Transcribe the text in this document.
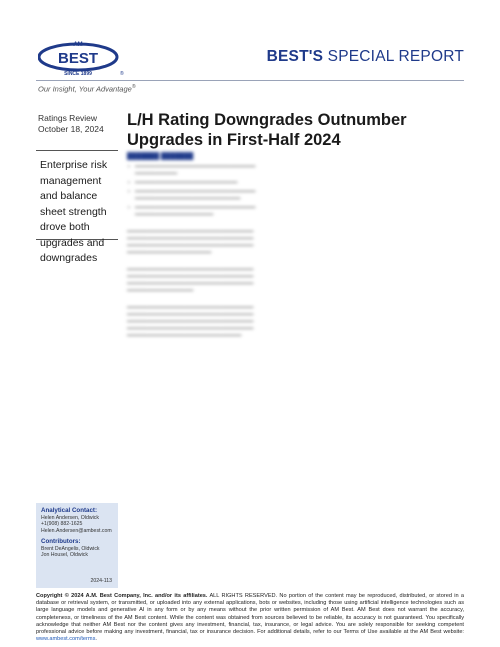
AM
BEST
SINCE 1899	®
BEST'S SPECIAL REPORT
Our Insight, Your Advantage®
Ratings Review
October 18, 2024
Enterprise risk management and balance sheet strength drove both upgrades and downgrades
L/H Rating Downgrades Outnumber Upgrades in First-Half 2024
███████ ███████
• ━━━━━━━━━━━━━━━━━━━━━━━━━━━━━━━━━━━━━━━━
━━━━━━━━━━━━━━
• ━━━━━━━━━━━━━━━━━━━━━━━━━━━━━━━━━━
• ━━━━━━━━━━━━━━━━━━━━━━━━━━━━━━━━━━━━━━━━
━━━━━━━━━━━━━━━━━━━━━━━━━━━━━━━━━━━
• ━━━━━━━━━━━━━━━━━━━━━━━━━━━━━━━━━━━━━━━━
━━━━━━━━━━━━━━━━━━━━━━━━━━
━━━━━━━━━━━━━━━━━━━━━━━━━━━━━━━━━━━━━━━━━━
━━━━━━━━━━━━━━━━━━━━━━━━━━━━━━━━━━━━━━━━━━
━━━━━━━━━━━━━━━━━━━━━━━━━━━━━━━━━━━━━━━━━━
━━━━━━━━━━━━━━━━━━━━━━━━━━━━
━━━━━━━━━━━━━━━━━━━━━━━━━━━━━━━━━━━━━━━━━━
━━━━━━━━━━━━━━━━━━━━━━━━━━━━━━━━━━━━━━━━━━
━━━━━━━━━━━━━━━━━━━━━━━━━━━━━━━━━━━━━━━━━━
━━━━━━━━━━━━━━━━━━━━━━
━━━━━━━━━━━━━━━━━━━━━━━━━━━━━━━━━━━━━━━━━━
━━━━━━━━━━━━━━━━━━━━━━━━━━━━━━━━━━━━━━━━━━
━━━━━━━━━━━━━━━━━━━━━━━━━━━━━━━━━━━━━━━━━━
━━━━━━━━━━━━━━━━━━━━━━━━━━━━━━━━━━━━━━━━━━
━━━━━━━━━━━━━━━━━━━━━━━━━━━━━━━━━━━━━━
Analytical Contact:
Helen Andersen, Oldwick
+1(908) 882-1625
Helen.Andersen@ambest.com
Contributors:
Brent DeAngelis, Oldwick
Jon Housel, Oldwick
2024-113
Copyright © 2024 A.M. Best Company, Inc. and/or its affiliates. ALL RIGHTS RESERVED. No portion of the content may be reproduced, distributed, or stored in a database or retrieval system, or transmitted, or uploaded into any external applications, bots or websites, including those using artificial intelligence technologies such as large language models and generative AI in any form or by any means without the prior written permission of AM Best. AM Best does not warrant the accuracy, completeness, or timeliness of the AM Best content. While the content was obtained from sources believed to be reliable, its accuracy is not guaranteed. You specifically acknowledge that neither AM Best nor the content gives any investment, financial, tax, insurance, or legal advice. You are solely responsible for seeking competent professional advice before making any investment, financial, tax or insurance decision. For additional details, refer to our Terms of Use available at the AM Best website: www.ambest.com/terms.
